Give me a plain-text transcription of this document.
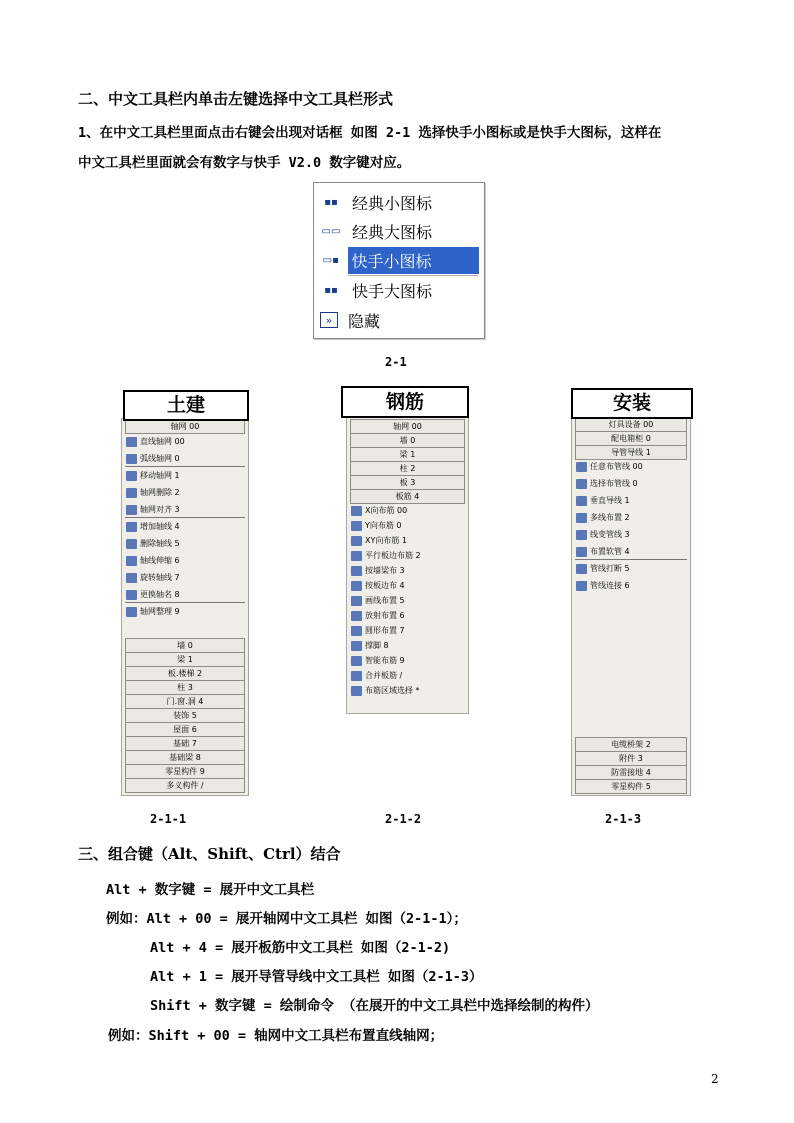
二、中文工具栏内单击左键选择中文工具栏形式
1、在中文工具栏里面点击右键会出现对话框 如图 2-1 选择快手小图标或是快手大图标，这样在
中文工具栏里面就会有数字与快手 V2.0 数字键对应。
▪▪ 经典小图标
▭▭ 经典大图标
▭▪ 快手小图标
▪▪ 快手大图标
» 隐藏
2-1
轴网 00
直线轴网 00
弧线轴网 0
移动轴网 1
轴网删除 2
轴网对齐 3
增加轴线 4
删除轴线 5
轴线伸缩 6
旋转轴线 7
更换轴名 8
轴网整理 9
墙 0
梁 1
板.楼梯 2
柱 3
门.窗.洞 4
装饰 5
屋面 6
基础 7
基础梁 8
零星构件 9
多义构件 /
土建
轴网 00
墙 0
梁 1
柱 2
板 3
板筋 4
X向布筋 00
Y向布筋 0
XY向布筋 1
平行板边布筋 2
按墙梁布 3
按板边布 4
画线布置 5
放射布置 6
圆形布置 7
撑脚 8
智能布筋 9
合并板筋 /
布筋区域选择 *
钢筋
灯具设备 00
配电箱柜 0
导管导线 1
任意布管线 00
选择布管线 0
垂直导线 1
多线布置 2
线变管线 3
布置软管 4
管线打断 5
管线连接 6
电缆桥架 2
附件 3
防雷接地 4
零星构件 5
安装
2-1-1	2-1-2	2-1-3
三、组合键（Alt、Shift、Ctrl）结合
Alt + 数字键 = 展开中文工具栏
例如：Alt + 00 = 展开轴网中文工具栏 如图（2-1-1）；
Alt + 4 = 展开板筋中文工具栏 如图（2-1-2)
Alt + 1 = 展开导管导线中文工具栏 如图（2-1-3）
Shift + 数字键 = 绘制命令 （在展开的中文工具栏中选择绘制的构件）
例如：Shift + 00 = 轴网中文工具栏布置直线轴网；
2
